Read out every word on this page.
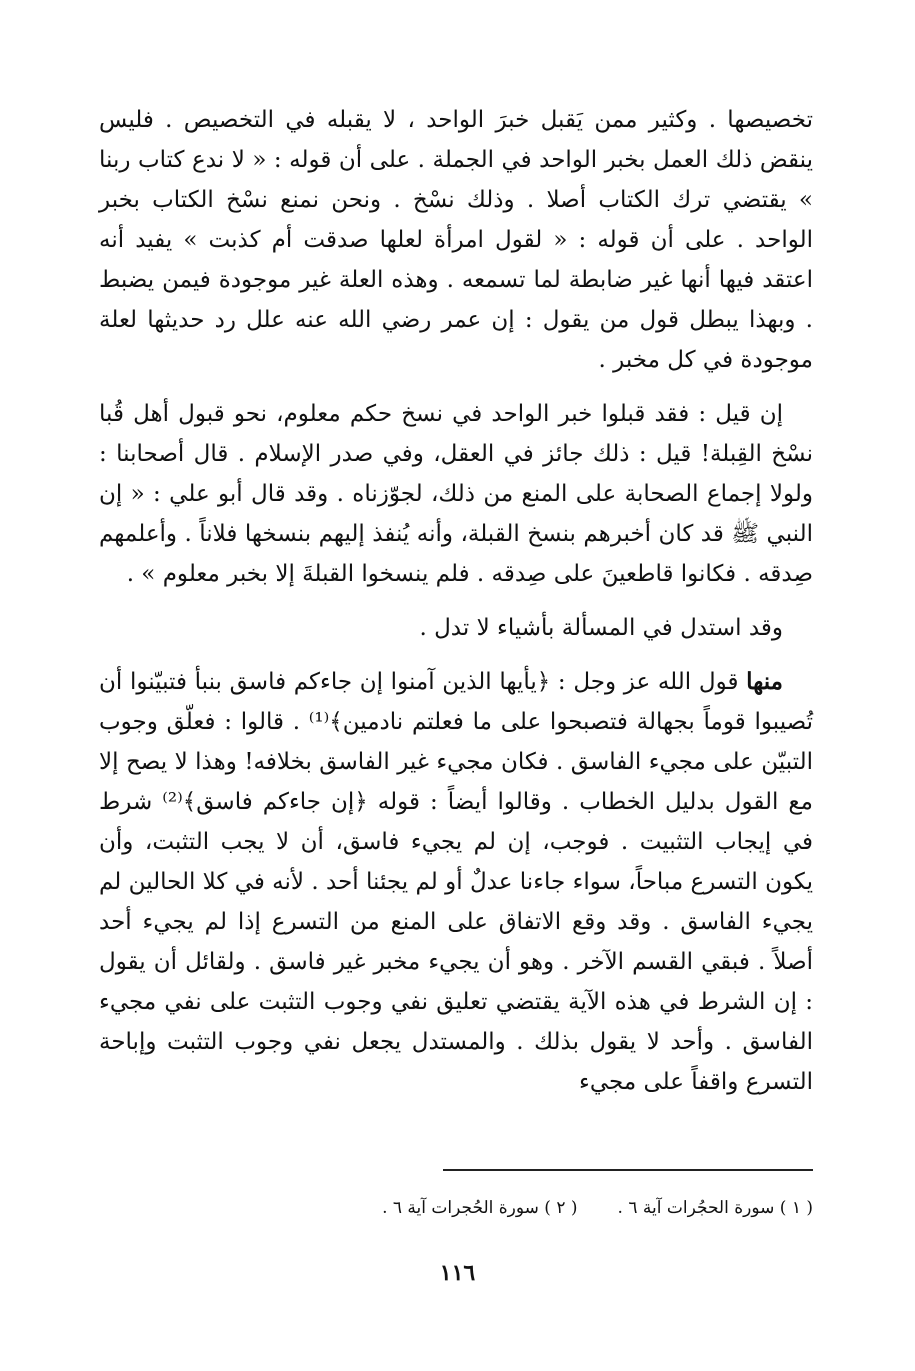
تخصيصها . وكثير ممن يَقبل خبرَ الواحد ، لا يقبله في التخصيص . فليس ينقض ذلك العمل بخبر الواحد في الجملة . على أن قوله : « لا ندع كتاب ربنا » يقتضي ترك الكتاب أصلا . وذلك نسْخ . ونحن نمنع نسْخ الكتاب بخبر الواحد . على أن قوله : « لقول امرأة لعلها صدقت أم كذبت » يفيد أنه اعتقد فيها أنها غير ضابطة لما تسمعه . وهذه العلة غير موجودة فيمن يضبط . وبهذا يبطل قول من يقول : إن عمر رضي الله عنه علل رد حديثها لعلة موجودة في كل مخبر .

إن قيل : فقد قبلوا خبر الواحد في نسخ حكم معلوم، نحو قبول أهل قُبا نسْخ القِبلة! قيل : ذلك جائز في العقل، وفي صدر الإسلام . قال أصحابنا : ولولا إجماع الصحابة على المنع من ذلك، لجوّزناه . وقد قال أبو علي : « إن النبي ﷺ قد كان أخبرهم بنسخ القبلة، وأنه يُنفذ إليهم بنسخها فلاناً . وأعلمهم صِدقه . فكانوا قاطعينَ على صِدقه . فلم ينسخوا القبلةَ إلا بخبر معلوم » .

وقد استدل في المسألة بأشياء لا تدل .

منها قول الله عز وجل : ﴿يأيها الذين آمنوا إن جاءكم فاسق بنبأ فتبيّنوا أن تُصيبوا قوماً بجهالة فتصبحوا على ما فعلتم نادمين﴾⁽¹⁾ . قالوا : فعلّق وجوب التبيّن على مجيء الفاسق . فكان مجيء غير الفاسق بخلافه! وهذا لا يصح إلا مع القول بدليل الخطاب . وقالوا أيضاً : قوله ﴿إن جاءكم فاسق﴾⁽²⁾ شرط في إيجاب التثبيت . فوجب، إن لم يجيء فاسق، أن لا يجب التثبت، وأن يكون التسرع مباحاً، سواء جاءنا عدلٌ أو لم يجئنا أحد . لأنه في كلا الحالين لم يجيء الفاسق . وقد وقع الاتفاق على المنع من التسرع إذا لم يجيء أحد أصلاً . فبقي القسم الآخر . وهو أن يجيء مخبر غير فاسق . ولقائل أن يقول : إن الشرط في هذه الآية يقتضي تعليق نفي وجوب التثبت على نفي مجيء الفاسق . وأحد لا يقول بذلك . والمستدل يجعل نفي وجوب التثبت وإباحة التسرع واقفاً على مجيء

( ١ ) سورة الحجُرات آية ٦ .
( ٢ ) سورة الحُجرات آية ٦ .
١١٦
